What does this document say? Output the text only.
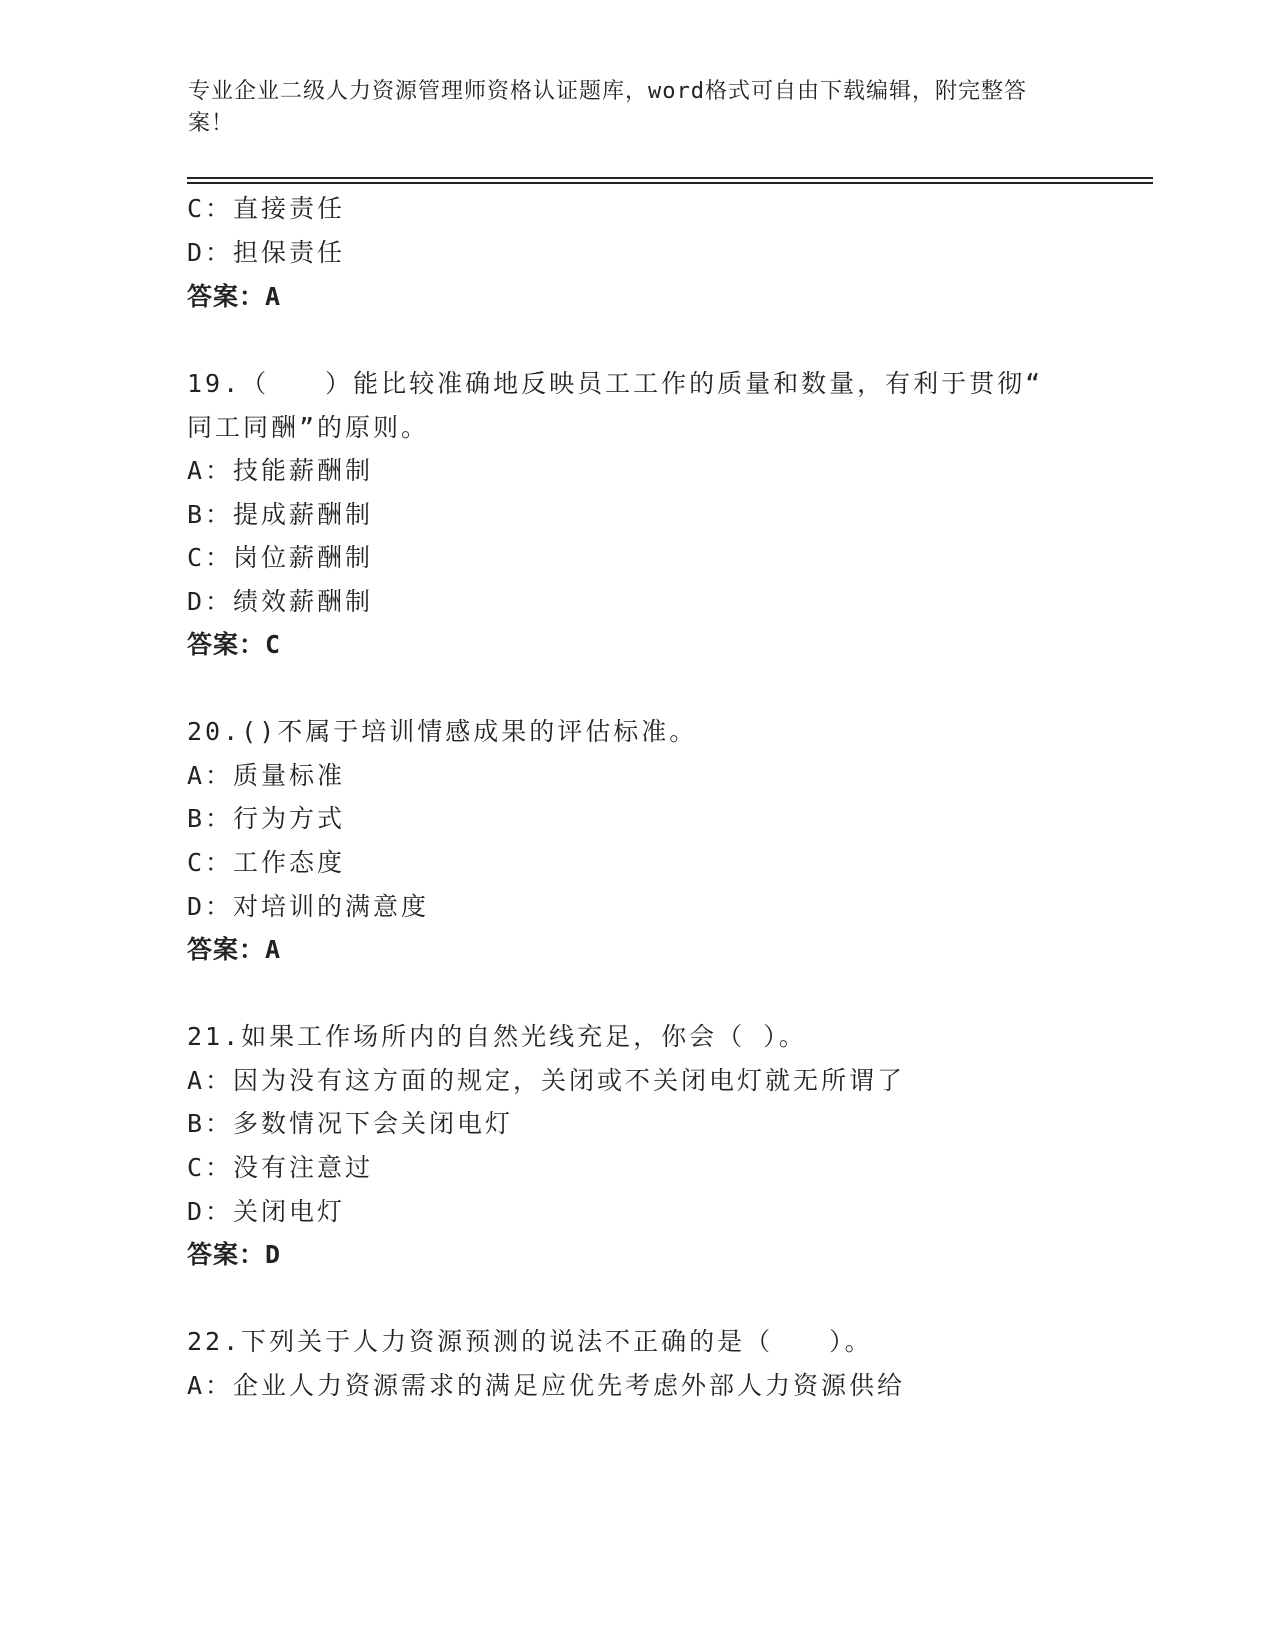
专业企业二级人力资源管理师资格认证题库，word格式可自由下载编辑，附完整答案！
C：直接责任
D：担保责任
答案：A
19.（　　）能比较准确地反映员工工作的质量和数量，有利于贯彻“
同工同酬”的原则。
A：技能薪酬制
B：提成薪酬制
C：岗位薪酬制
D：绩效薪酬制
答案：C
20.()不属于培训情感成果的评估标准。
A：质量标准
B：行为方式
C：工作态度
D：对培训的满意度
答案：A
21.如果工作场所内的自然光线充足，你会（ ）。
A：因为没有这方面的规定，关闭或不关闭电灯就无所谓了
B：多数情况下会关闭电灯
C：没有注意过
D：关闭电灯
答案：D
22.下列关于人力资源预测的说法不正确的是（　　）。
A：企业人力资源需求的满足应优先考虑外部人力资源供给
